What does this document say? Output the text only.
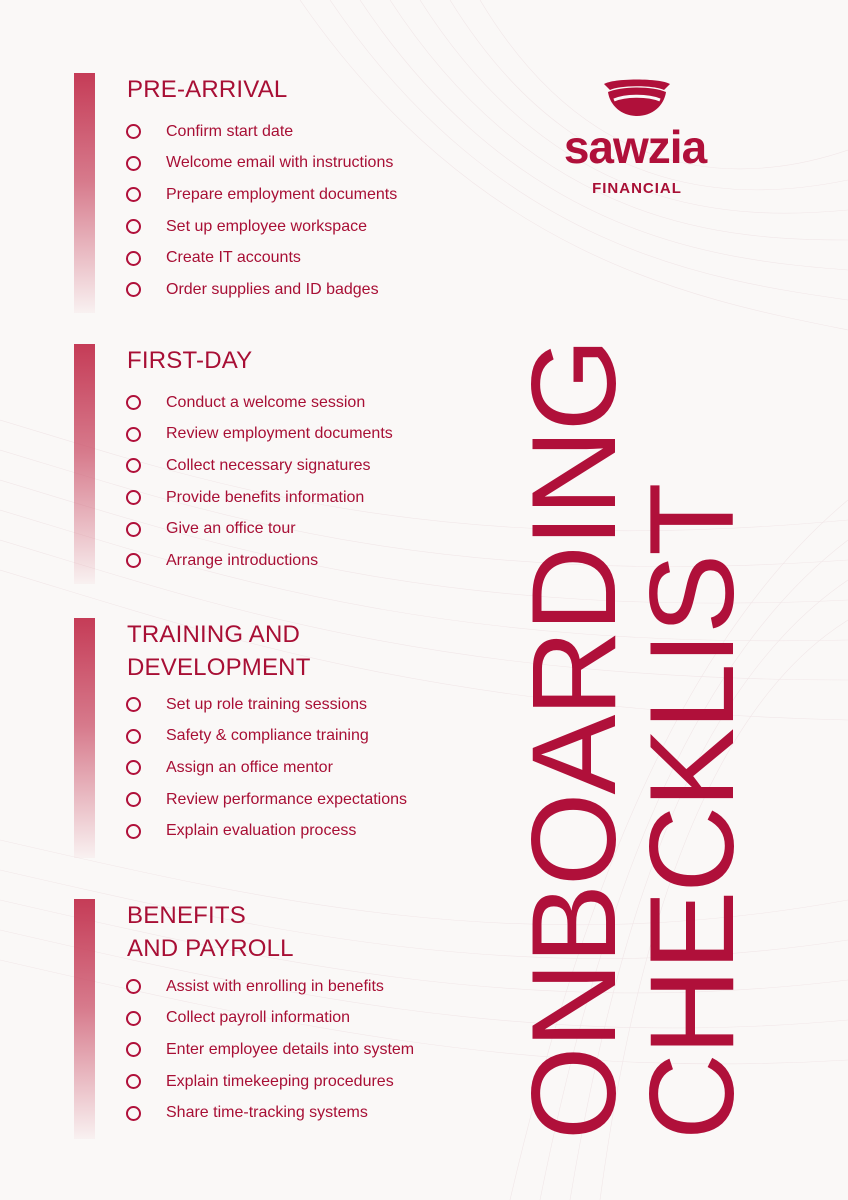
sawzia
FINANCIAL
ONBOARDING
CHECKLIST
PRE-ARRIVAL
Confirm start date
Welcome email with instructions
Prepare employment documents
Set up employee workspace
Create IT accounts
Order supplies and ID badges
FIRST-DAY
Conduct a welcome session
Review employment documents
Collect necessary signatures
Provide benefits information
Give an office tour
Arrange introductions
TRAINING AND
DEVELOPMENT
Set up role training sessions
Safety & compliance training
Assign an office mentor
Review performance expectations
Explain evaluation process
BENEFITS
AND PAYROLL
Assist with enrolling in benefits
Collect payroll information
Enter employee details into system
Explain timekeeping procedures
Share time-tracking systems
